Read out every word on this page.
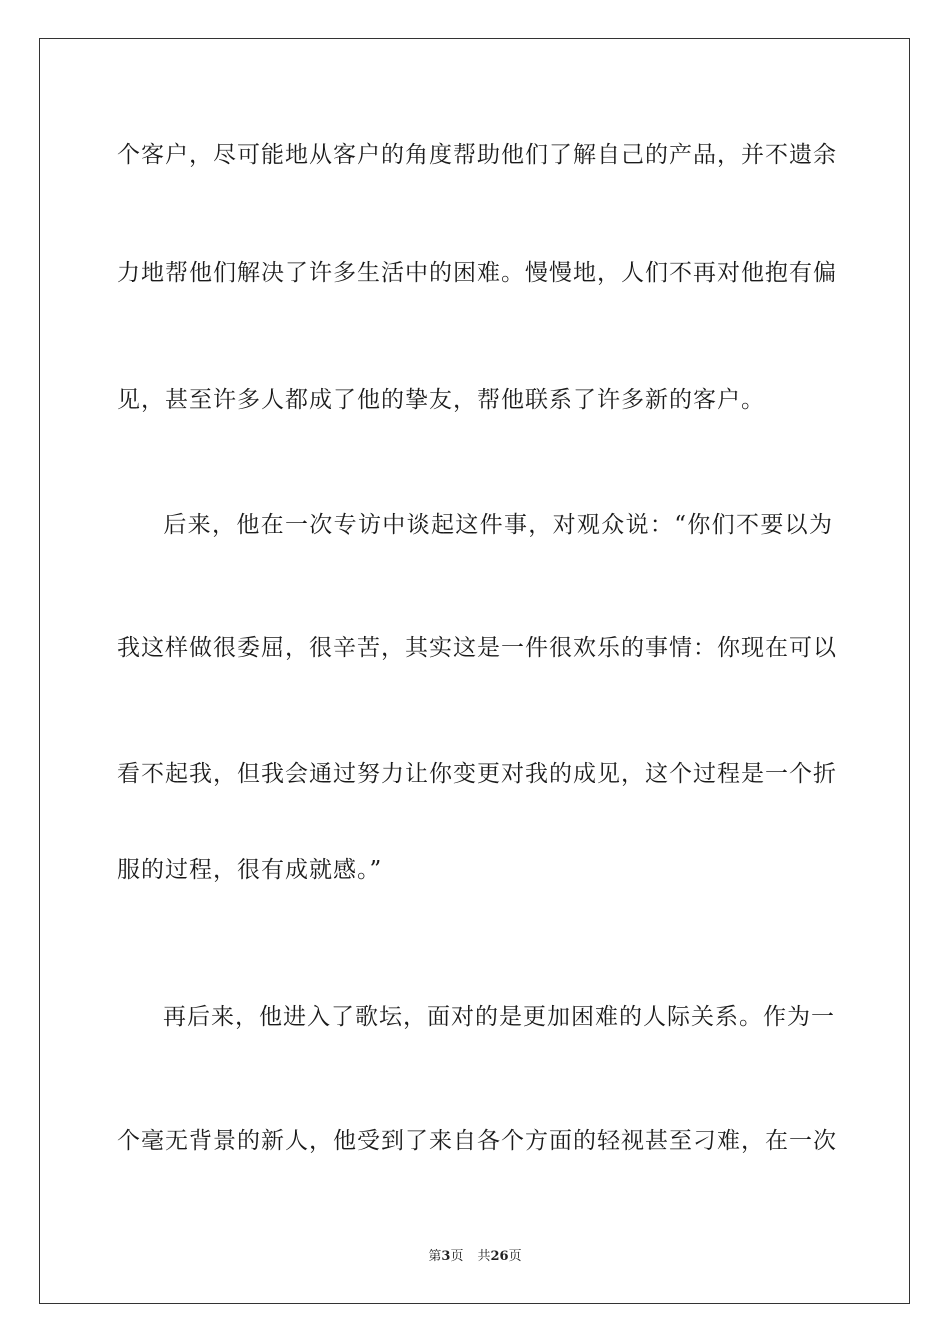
个客户，尽可能地从客户的角度帮助他们了解自己的产品，并不遗余
力地帮他们解决了许多生活中的困难。慢慢地，人们不再对他抱有偏
见，甚至许多人都成了他的挚友，帮他联系了许多新的客户。
后来，他在一次专访中谈起这件事，对观众说：“你们不要以为
我这样做很委屈，很辛苦，其实这是一件很欢乐的事情：你现在可以
看不起我，但我会通过努力让你变更对我的成见，这个过程是一个折
服的过程，很有成就感。”
再后来，他进入了歌坛，面对的是更加困难的人际关系。作为一
个毫无背景的新人，他受到了来自各个方面的轻视甚至刁难，在一次
第3页 共26页
